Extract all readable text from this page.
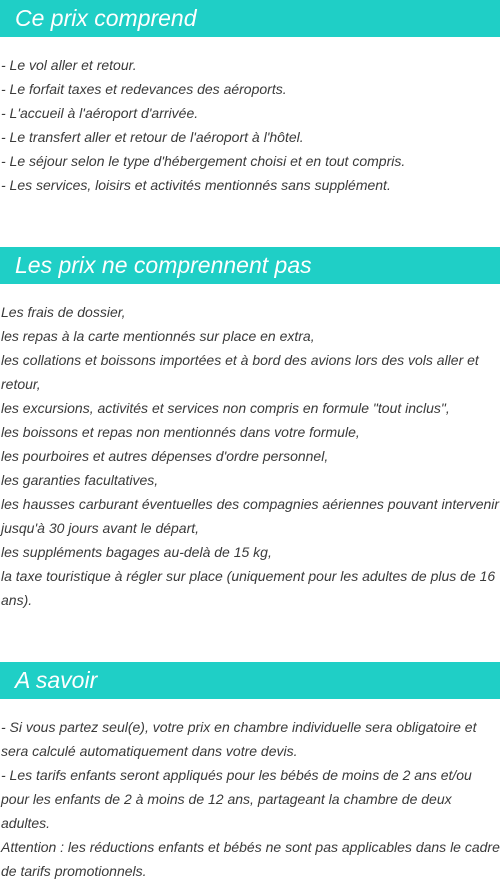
Ce prix comprend
- Le vol aller et retour.
- Le forfait taxes et redevances des aéroports.
- L'accueil à l'aéroport d'arrivée.
- Le transfert aller et retour de l'aéroport à l'hôtel.
- Le séjour selon le type d'hébergement choisi et en tout compris.
- Les services, loisirs et activités mentionnés sans supplément.
Les prix ne comprennent pas
Les frais de dossier,
les repas à la carte mentionnés sur place en extra,
les collations et boissons importées et à bord des avions lors des vols aller et retour,
les excursions, activités et services non compris en formule "tout inclus",
les boissons et repas non mentionnés dans votre formule,
les pourboires et autres dépenses d'ordre personnel,
les garanties facultatives,
les hausses carburant éventuelles des compagnies aériennes pouvant intervenir jusqu'à 30 jours avant le départ,
les suppléments bagages au-delà de 15 kg,
la taxe touristique à régler sur place (uniquement pour les adultes de plus de 16 ans).
A savoir
- Si vous partez seul(e), votre prix en chambre individuelle sera obligatoire et sera calculé automatiquement dans votre devis.
- Les tarifs enfants seront appliqués pour les bébés de moins de 2 ans et/ou pour les enfants de 2 à moins de 12 ans, partageant la chambre de deux adultes.
Attention : les réductions enfants et bébés ne sont pas applicables dans le cadre de tarifs promotionnels.
